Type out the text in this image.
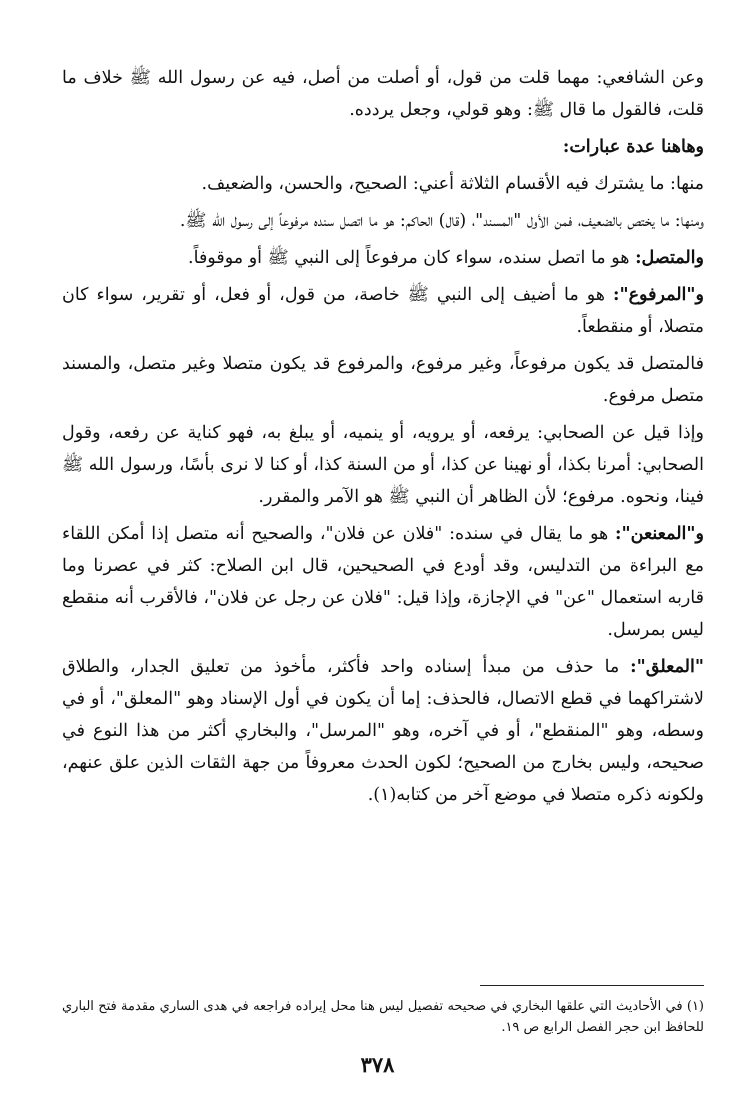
وعن الشافعي: مهما قلت من قول، أو أصلت من أصل، فيه عن رسول الله ﷺ خلاف ما قلت، فالقول ما قال ﷺ: وهو قولي، وجعل يردده.

وهاهنا عدة عبارات:

منها: ما يشترك فيه الأقسام الثلاثة أعني: الصحيح، والحسن، والضعيف.

ومنها: ما يختص بالضعيف، فمن الأول "المسند"، (قال) الحاكم: هو ما اتصل سنده مرفوعاً إلى رسول الله ﷺ.

والمتصل: هو ما اتصل سنده، سواء كان مرفوعاً إلى النبي ﷺ أو موقوفاً.

و"المرفوع": هو ما أضيف إلى النبي ﷺ خاصة، من قول، أو فعل، أو تقرير، سواء كان متصلا، أو منقطعاً.

فالمتصل قد يكون مرفوعاً، وغير مرفوع، والمرفوع قد يكون متصلا وغير متصل، والمسند متصل مرفوع.

وإذا قيل عن الصحابي: يرفعه، أو يرويه، أو ينميه، أو يبلغ به، فهو كناية عن رفعه، وقول الصحابي: أمرنا بكذا، أو نهينا عن كذا، أو من السنة كذا، أو كنا لا نرى بأسًا، ورسول الله ﷺ فينا، ونحوه. مرفوع؛ لأن الظاهر أن النبي ﷺ هو الآمر والمقرر.

و"المعنعن": هو ما يقال في سنده: "فلان عن فلان"، والصحيح أنه متصل إذا أمكن اللقاء مع البراءة من التدليس، وقد أودع في الصحيحين، قال ابن الصلاح: كثر في عصرنا وما قاربه استعمال "عن" في الإجازة، وإذا قيل: "فلان عن رجل عن فلان"، فالأقرب أنه منقطع ليس بمرسل.

"المعلق": ما حذف من مبدأ إسناده واحد فأكثر، مأخوذ من تعليق الجدار، والطلاق لاشتراكهما في قطع الاتصال، فالحذف: إما أن يكون في أول الإسناد وهو "المعلق"، أو في وسطه، وهو "المنقطع"، أو في آخره، وهو "المرسل"، والبخاري أكثر من هذا النوع في صحيحه، وليس بخارج من الصحيح؛ لكون الحدث معروفاً من جهة الثقات الذين علق عنهم، ولكونه ذكره متصلا في موضع آخر من كتابه(١).

(١) في الأحاديث التي علقها البخاري في صحيحه تفصيل ليس هنا محل إيراده فراجعه في هدى الساري مقدمة فتح الباري للحافظ ابن حجر الفصل الرابع ص ١٩.
٣٧٨
